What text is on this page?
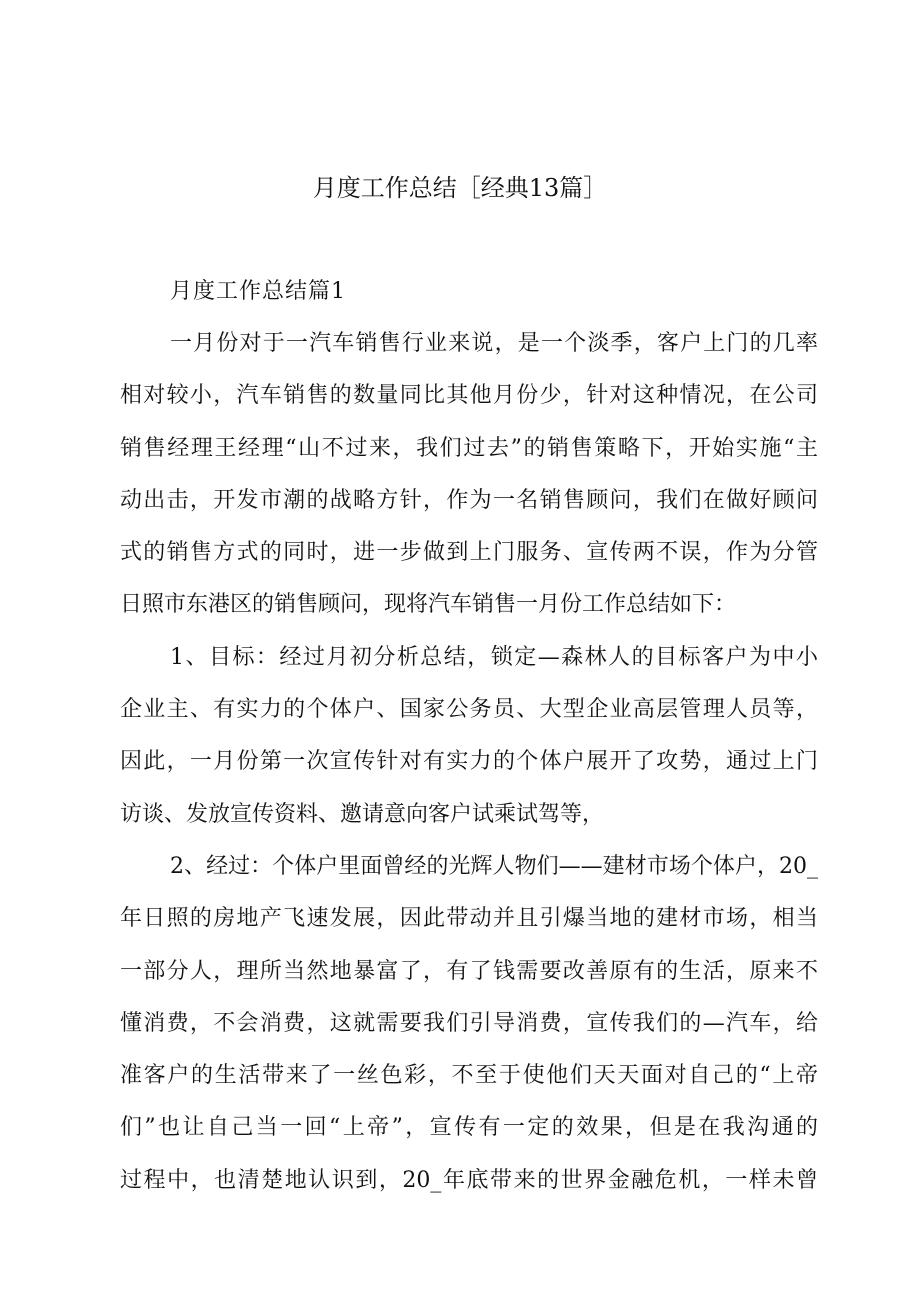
月度工作总结［经典13篇］

月度工作总结篇1

一月份对于一汽车销售行业来说，是一个淡季，客户上门的几率

相对较小，汽车销售的数量同比其他月份少，针对这种情况，在公司

销售经理王经理“山不过来，我们过去”的销售策略下，开始实施“主

动出击，开发市潮的战略方针，作为一名销售顾问，我们在做好顾问

式的销售方式的同时，进一步做到上门服务、宣传两不误，作为分管

日照市东港区的销售顾问，现将汽车销售一月份工作总结如下：

1、目标：经过月初分析总结，锁定—森林人的目标客户为中小

企业主、有实力的个体户、国家公务员、大型企业高层管理人员等，

因此，一月份第一次宣传针对有实力的个体户展开了攻势，通过上门

访谈、发放宣传资料、邀请意向客户试乘试驾等，

2、经过：个体户里面曾经的光辉人物们——建材市场个体户，20_

年日照的房地产飞速发展，因此带动并且引爆当地的建材市场，相当

一部分人，理所当然地暴富了，有了钱需要改善原有的生活，原来不

懂消费，不会消费，这就需要我们引导消费，宣传我们的—汽车，给

准客户的生活带来了一丝色彩，不至于使他们天天面对自己的“上帝

们”也让自己当一回“上帝”，宣传有一定的效果，但是在我沟通的

过程中，也清楚地认识到，20_年底带来的世界金融危机，一样未曾
